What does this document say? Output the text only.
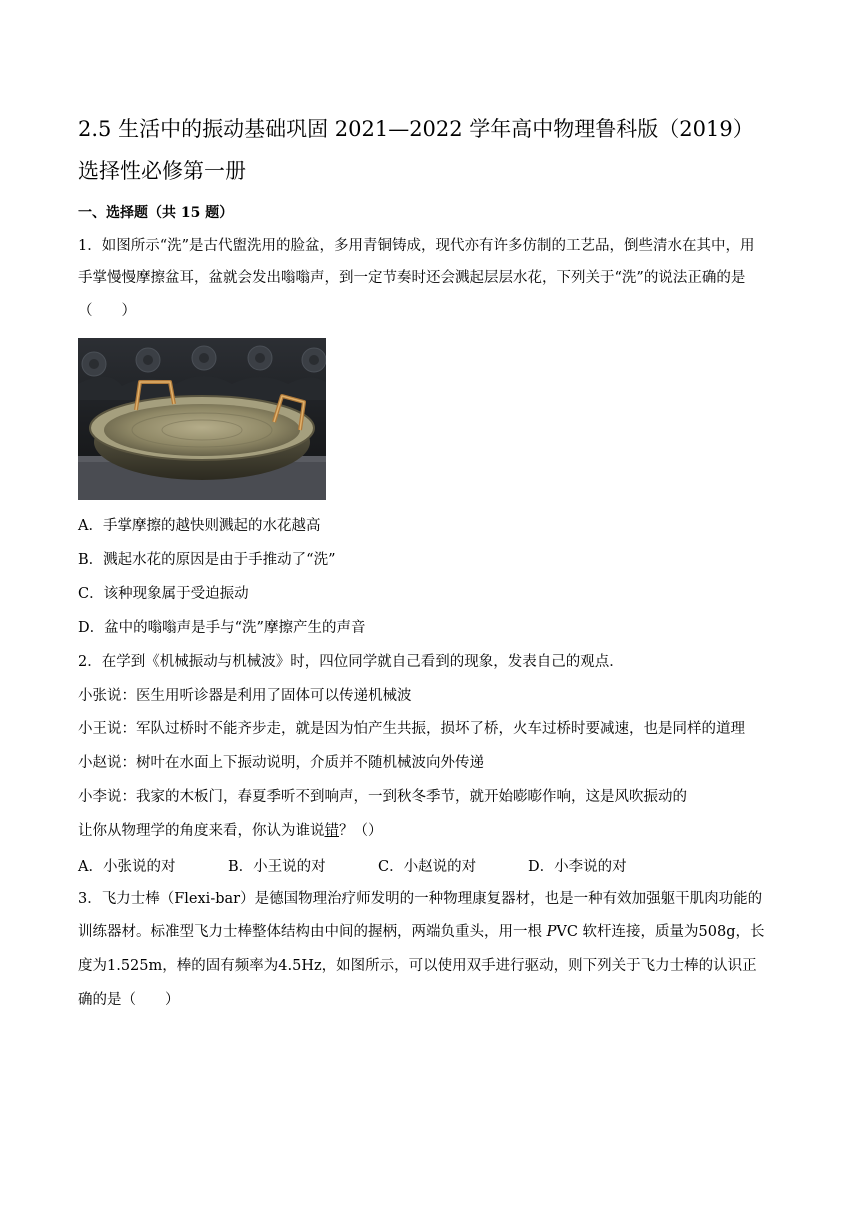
2.5 生活中的振动基础巩固 2021—2022 学年高中物理鲁科版（2019）
选择性必修第一册
一、选择题（共 15 题）
1．如图所示“洗”是古代盥洗用的脸盆，多用青铜铸成，现代亦有许多仿制的工艺品，倒些清水在其中，用
手掌慢慢摩擦盆耳，盆就会发出嗡嗡声，到一定节奏时还会溅起层层水花，下列关于“洗”的说法正确的是
（　　）
A．手掌摩擦的越快则溅起的水花越高
B．溅起水花的原因是由于手推动了“洗”
C．该种现象属于受迫振动
D．盆中的嗡嗡声是手与“洗”摩擦产生的声音
2．在学到《机械振动与机械波》时，四位同学就自己看到的现象，发表自己的观点．
小张说：医生用听诊器是利用了固体可以传递机械波
小王说：军队过桥时不能齐步走，就是因为怕产生共振，损坏了桥，火车过桥时要减速，也是同样的道理
小赵说：树叶在水面上下振动说明，介质并不随机械波向外传递
小李说：我家的木板门，春夏季听不到响声，一到秋冬季节，就开始嘭嘭作响，这是风吹振动的
让你从物理学的角度来看，你认为谁说错？（）
A．小张说的对	B．小王说的对	C．小赵说的对	D．小李说的对
3．飞力士棒（Flexi-bar）是德国物理治疗师发明的一种物理康复器材，也是一种有效加强躯干肌肉功能的
训练器材。标准型飞力士棒整体结构由中间的握柄，两端负重头，用一根 PVC 软杆连接，质量为508g，长
度为1.525m，棒的固有频率为4.5Hz，如图所示，可以使用双手进行驱动，则下列关于飞力士棒的认识正
确的是（　　）
